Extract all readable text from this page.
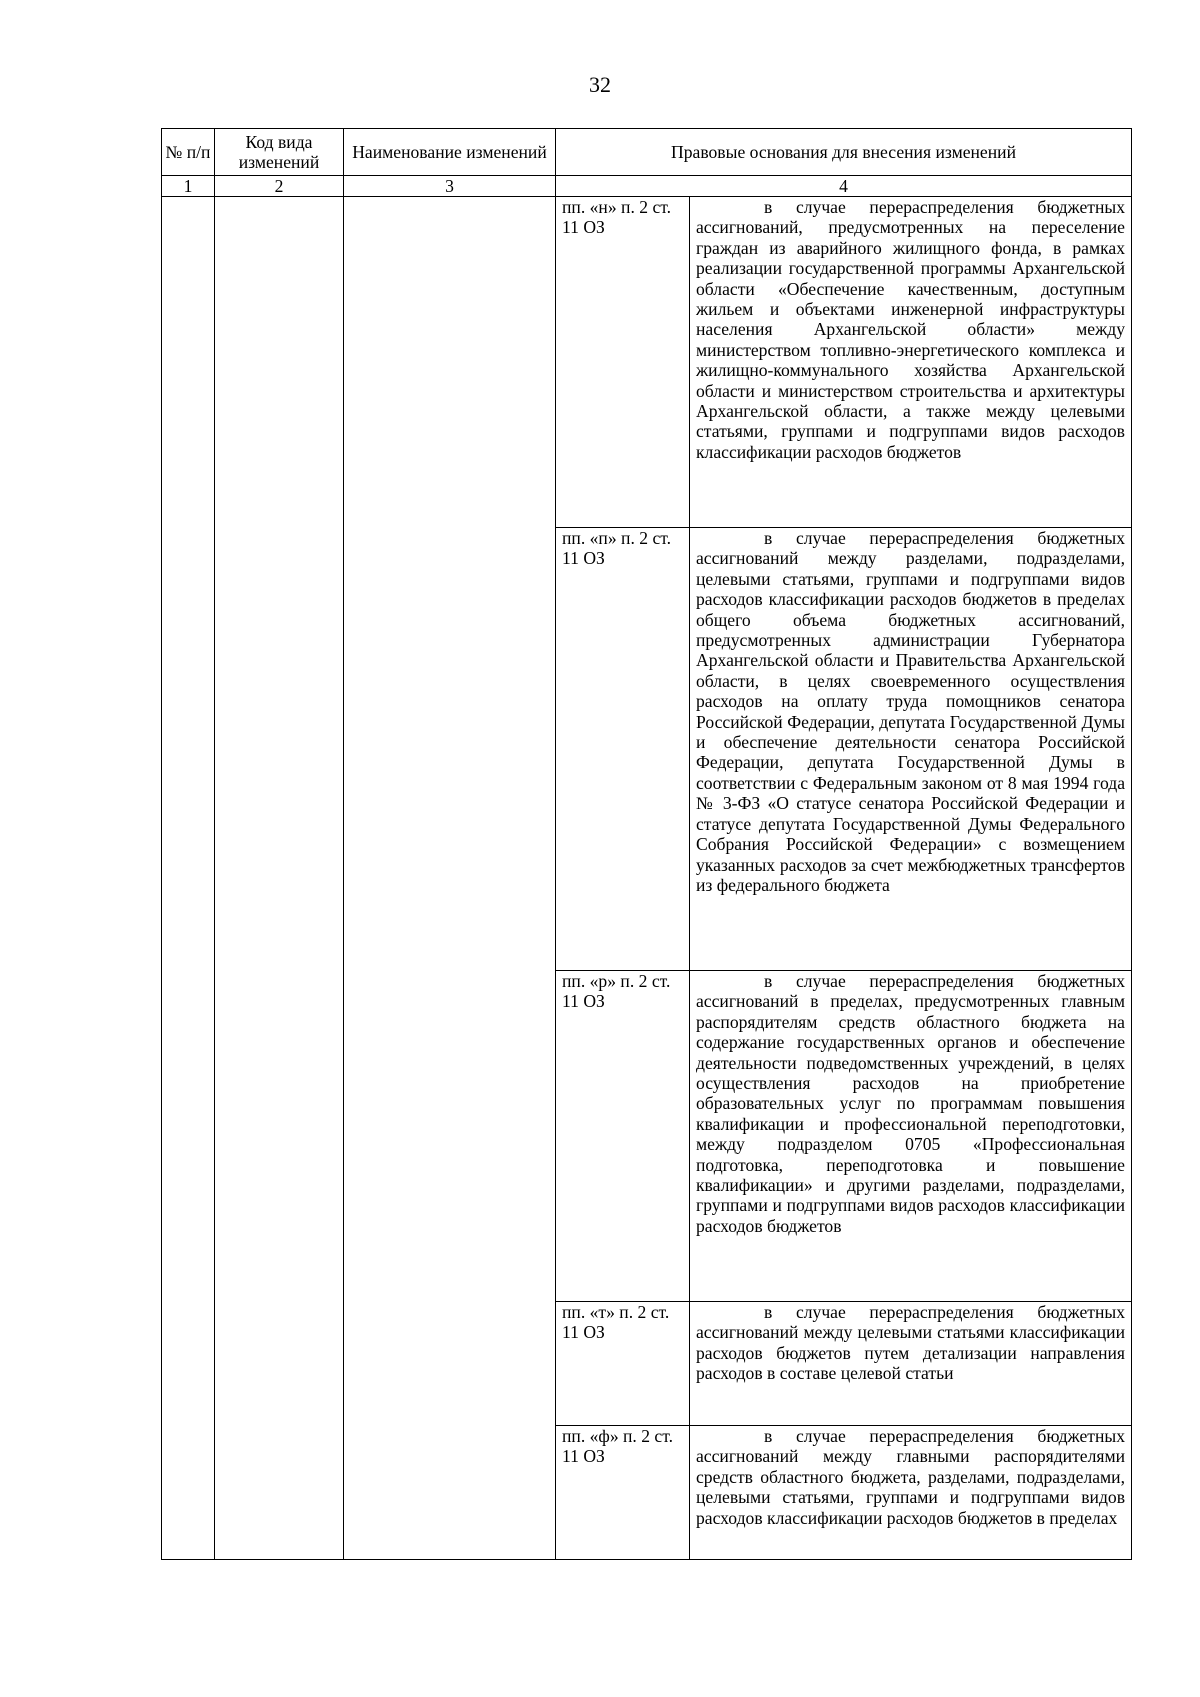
32
№ п/п	Код вида изменений	Наименование изменений	Правовые основания для внесения изменений	
1	2	3	4	
			пп. «н» п. 2 ст. 11 ОЗ	в случае перераспределения бюджетных ассигнований, предусмотренных на переселение граждан из аварийного жилищного фонда, в рамках реализации государственной программы Архангельской области «Обеспечение качественным, доступным жильем и объектами инженерной инфраструктуры населения Архангельской области» между министерством топливно-энергетического комплекса и жилищно-коммунального хозяйства Архангельской области и министерством строительства и архитектуры Архангельской области, а также между целевыми статьями, группами и подгруппами видов расходов классификации расходов бюджетов
			пп. «п» п. 2 ст. 11 ОЗ	в случае перераспределения бюджетных ассигнований между разделами, подразделами, целевыми статьями, группами и подгруппами видов расходов классификации расходов бюджетов в пределах общего объема бюджетных ассигнований, предусмотренных администрации Губернатора Архангельской области и Правительства Архангельской области, в целях своевременного осуществления расходов на оплату труда помощников сенатора Российской Федерации, депутата Государственной Думы и обеспечение деятельности сенатора Российской Федерации, депутата Государственной Думы в соответствии с Федеральным законом от 8 мая 1994 года № 3-ФЗ «О статусе сенатора Российской Федерации и статусе депутата Государственной Думы Федерального Собрания Российской Федерации» с возмещением указанных расходов за счет межбюджетных трансфертов из федерального бюджета
			пп. «р» п. 2 ст. 11 ОЗ	в случае перераспределения бюджетных ассигнований в пределах, предусмотренных главным распорядителям средств областного бюджета на содержание государственных органов и обеспечение деятельности подведомственных учреждений, в целях осуществления расходов на приобретение образовательных услуг по программам повышения квалификации и профессиональной переподготовки, между подразделом 0705 «Профессиональная подготовка, переподготовка и повышение квалификации» и другими разделами, подразделами, группами и подгруппами видов расходов классификации расходов бюджетов
			пп. «т» п. 2 ст. 11 ОЗ	в случае перераспределения бюджетных ассигнований между целевыми статьями классификации расходов бюджетов путем детализации направления расходов в составе целевой статьи
			пп. «ф» п. 2 ст. 11 ОЗ	в случае перераспределения бюджетных ассигнований между главными распорядителями средств областного бюджета, разделами, подразделами, целевыми статьями, группами и подгруппами видов расходов классификации расходов бюджетов в пределах
